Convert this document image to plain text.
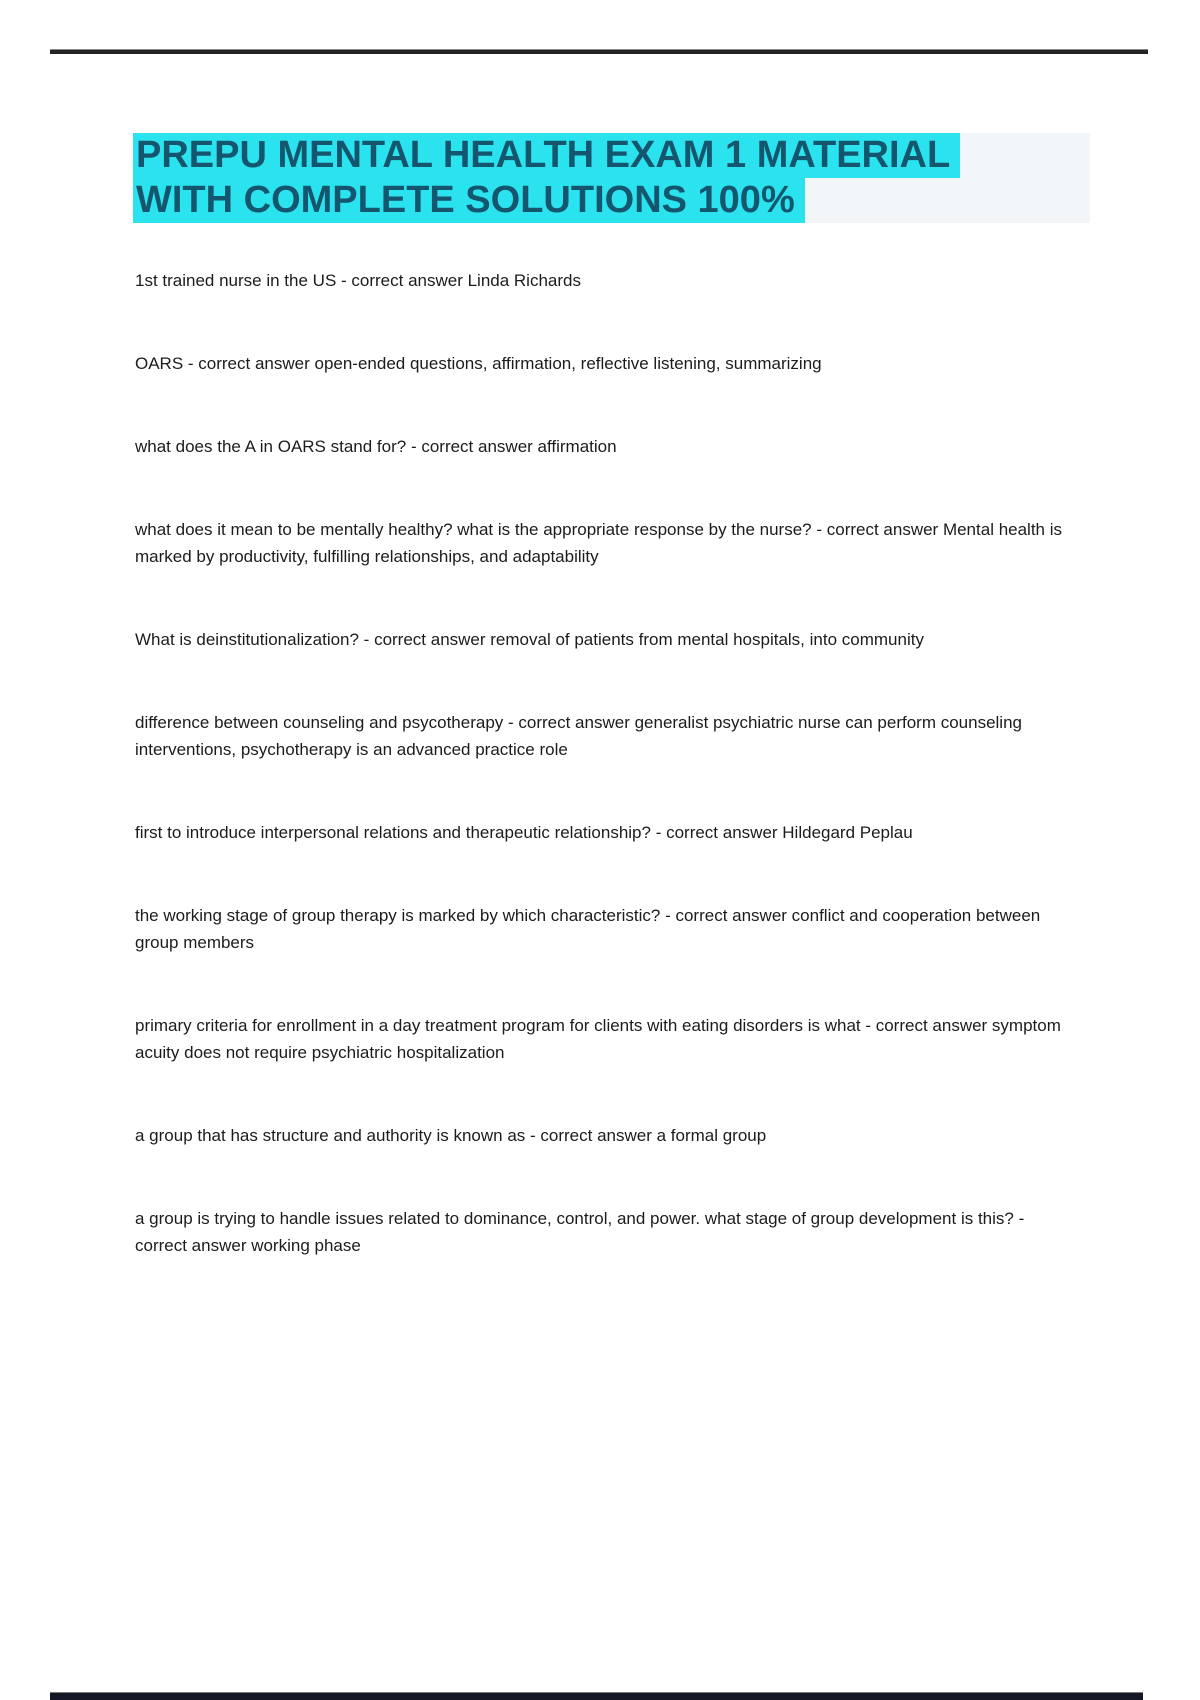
PREPU MENTAL HEALTH EXAM 1 MATERIAL
WITH COMPLETE SOLUTIONS 100%

1st trained nurse in the US - correct answer Linda Richards

OARS - correct answer open-ended questions, affirmation, reflective listening, summarizing

what does the A in OARS stand for? - correct answer affirmation

what does it mean to be mentally healthy? what is the appropriate response by the nurse? - correct answer Mental health is marked by productivity, fulfilling relationships, and adaptability

What is deinstitutionalization? - correct answer removal of patients from mental hospitals, into community

difference between counseling and psycotherapy - correct answer generalist psychiatric nurse can perform counseling interventions, psychotherapy is an advanced practice role

first to introduce interpersonal relations and therapeutic relationship? - correct answer Hildegard Peplau

the working stage of group therapy is marked by which characteristic? - correct answer conflict and cooperation between group members

primary criteria for enrollment in a day treatment program for clients with eating disorders is what - correct answer symptom acuity does not require psychiatric hospitalization

a group that has structure and authority is known as - correct answer a formal group

a group is trying to handle issues related to dominance, control, and power. what stage of group development is this? - correct answer working phase
